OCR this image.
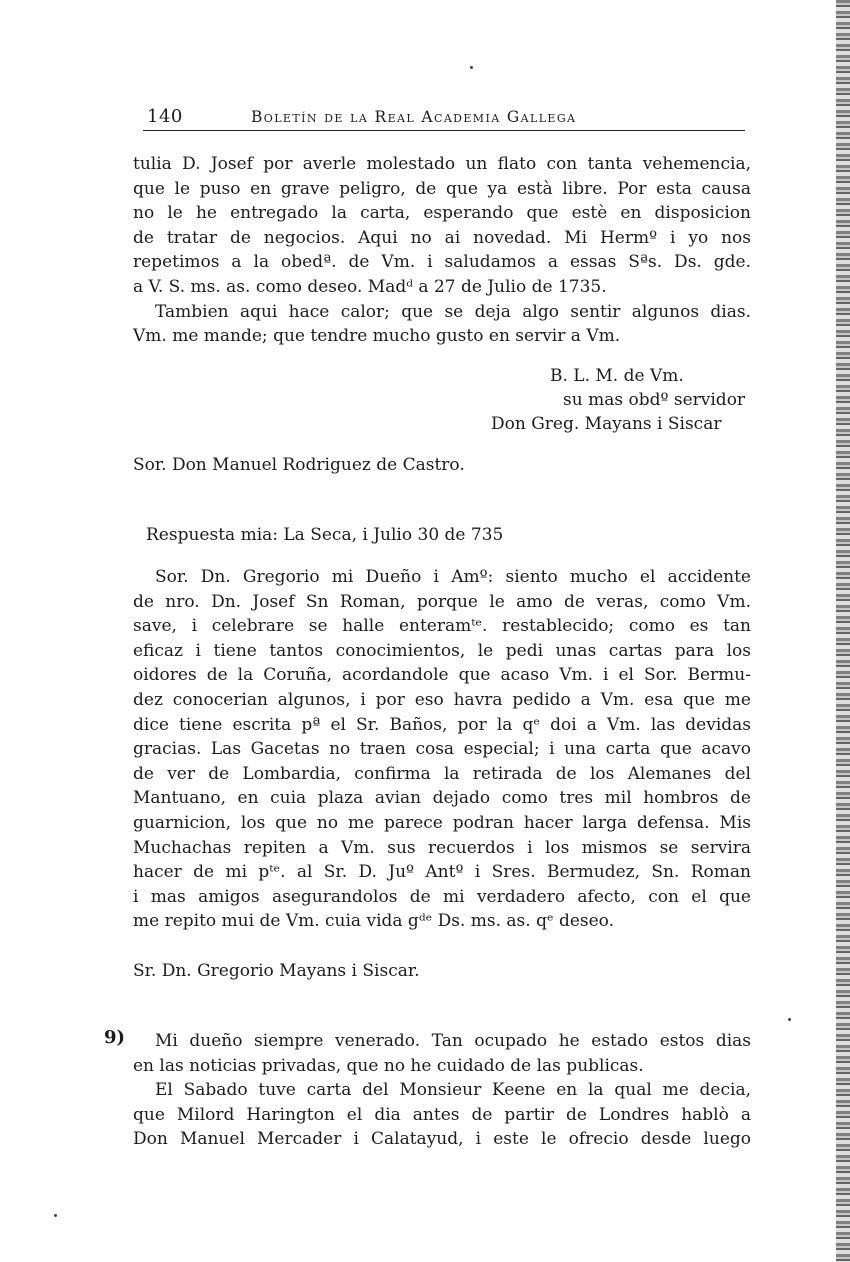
140	Boletín de la Real Academia Gallega
tulia D. Josef por averle molestado un flato con tanta vehemencia,
que le puso en grave peligro, de que ya està libre. Por esta causa
no le he entregado la carta, esperando que estè en disposicion
de tratar de negocios. Aqui no ai novedad. Mi Hermº i yo nos
repetimos a la obedª. de Vm. i saludamos a essas Sªs. Ds. gde.
a V. S. ms. as. como deseo. Madᵈ a 27 de Julio de 1735.
Tambien aqui hace calor; que se deja algo sentir algunos dias.
Vm. me mande; que tendre mucho gusto en servir a Vm.
B. L. M. de Vm.
su mas obdº servidor
Don Greg. Mayans i Siscar
Sor. Don Manuel Rodriguez de Castro.
Respuesta mia: La Seca, i Julio 30 de 735
Sor. Dn. Gregorio mi Dueño i Amº: siento mucho el accidente
de nro. Dn. Josef Sn Roman, porque le amo de veras, como Vm.
save, i celebrare se halle enteramᵗᵉ. restablecido; como es tan
eficaz i tiene tantos conocimientos, le pedi unas cartas para los
oidores de la Coruña, acordandole que acaso Vm. i el Sor. Bermu-
dez conocerian algunos, i por eso havra pedido a Vm. esa que me
dice tiene escrita pª el Sr. Baños, por la qᵉ doi a Vm. las devidas
gracias. Las Gacetas no traen cosa especial; i una carta que acavo
de ver de Lombardia, confirma la retirada de los Alemanes del
Mantuano, en cuia plaza avian dejado como tres mil hombros de
guarnicion, los que no me parece podran hacer larga defensa. Mis
Muchachas repiten a Vm. sus recuerdos i los mismos se servira
hacer de mi pᵗᵉ. al Sr. D. Juº Antº i Sres. Bermudez, Sn. Roman
i mas amigos asegurandolos de mi verdadero afecto, con el que
me repito mui de Vm. cuia vida gᵈᵉ Ds. ms. as. qᵉ deseo.
Sr. Dn. Gregorio Mayans i Siscar.
9)	Mi dueño siempre venerado. Tan ocupado he estado estos dias
en las noticias privadas, que no he cuidado de las publicas.
El Sabado tuve carta del Monsieur Keene en la qual me decia,
que Milord Harington el dia antes de partir de Londres hablò a
Don Manuel Mercader i Calatayud, i este le ofrecio desde luego
